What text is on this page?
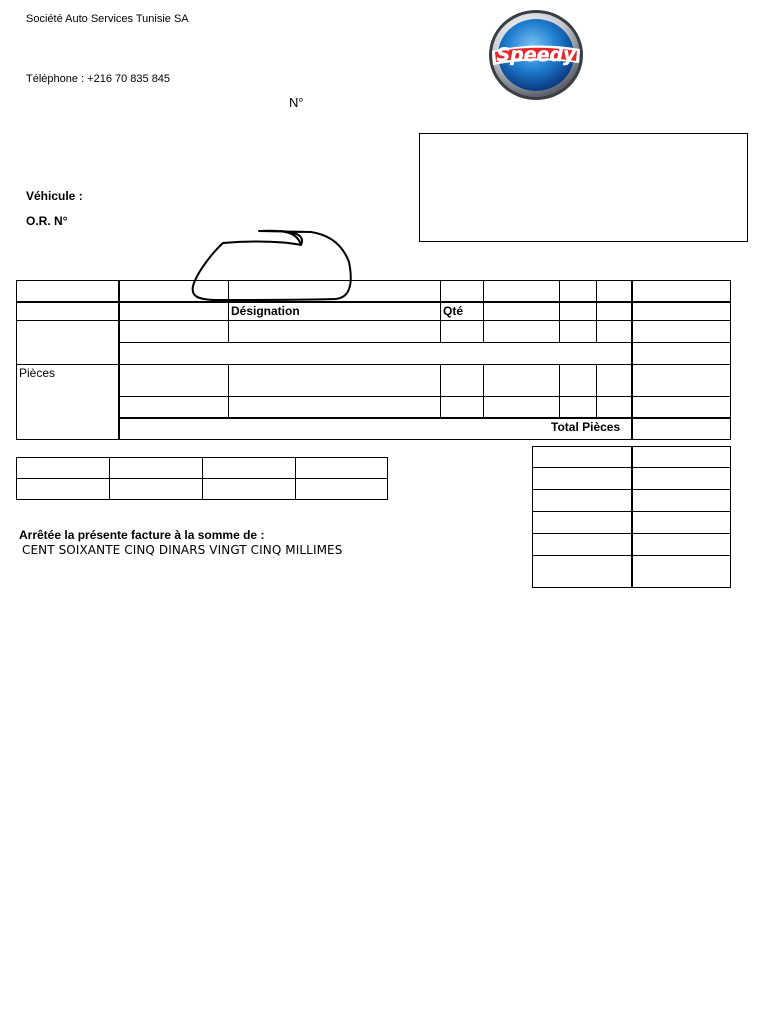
Société Auto Services Tunisie SA
Téléphone : +216 70 835 845
N°
Speedy
Véhicule :
O.R. N°
Désignation	Qté
Pièces
Total Pièces
Arrêtée la présente facture à la somme de :
CENT SOIXANTE CINQ DINARS VINGT CINQ MILLIMES
